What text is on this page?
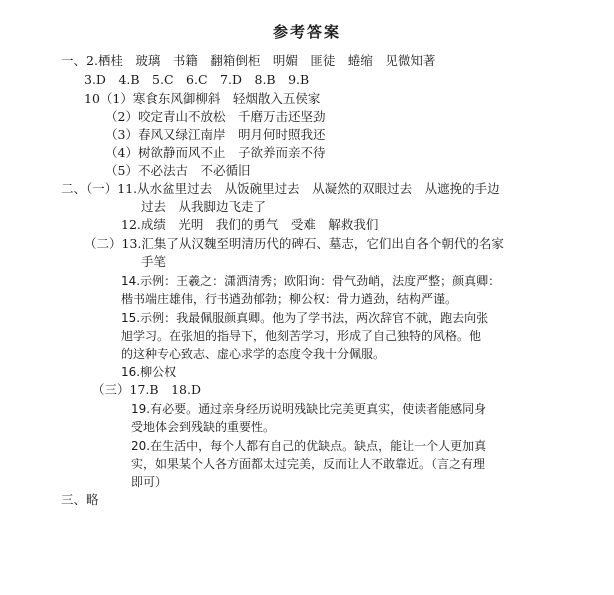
参考答案
一、2.栖桂　玻璃　书籍　翻箱倒柜　明媚　匪徒　蜷缩　见微知著
3.D　4.B　5.C　6.C　7.D　8.B　9.B
10（1）寒食东风御柳斜　轻烟散入五侯家
（2）咬定青山不放松　千磨万击还坚劲
（3）春风又绿江南岸　明月何时照我还
（4）树欲静而风不止　子欲养而亲不待
（5）不必法古　不必循旧
二、（一）11.从水盆里过去　从饭碗里过去　从凝然的双眼过去　从遮挽的手边
过去　从我脚边飞走了
12.成绩　光明　我们的勇气　受难　解救我们
（二）13.汇集了从汉魏至明清历代的碑石、墓志，它们出自各个朝代的名家
手笔
14.示例：王羲之：潇洒清秀；欧阳询：骨气劲峭，法度严整；颜真卿：
楷书端庄雄伟，行书遒劲郁勃；柳公权：骨力遒劲，结构严谨。
15.示例：我最佩服颜真卿。他为了学书法，两次辞官不就，跑去向张
旭学习。在张旭的指导下，他刻苦学习，形成了自己独特的风格。他
的这种专心致志、虚心求学的态度令我十分佩服。
16.柳公权
（三）17.B　18.D
19.有必要。通过亲身经历说明残缺比完美更真实，使读者能感同身
受地体会到残缺的重要性。
20.在生活中，每个人都有自己的优缺点。缺点，能让一个人更加真
实，如果某个人各方面都太过完美，反而让人不敢靠近。（言之有理
即可）
三、略
